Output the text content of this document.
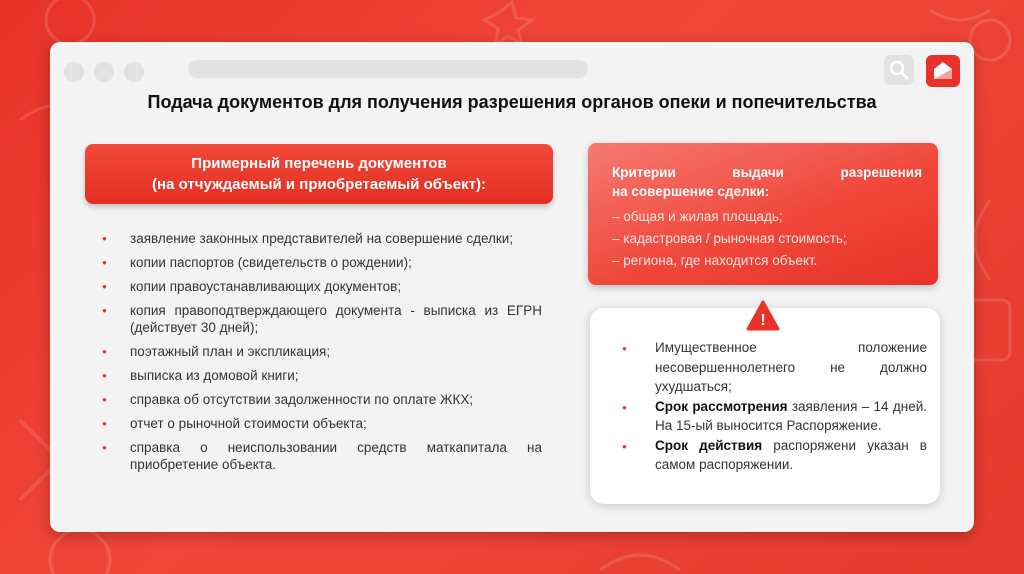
Подача документов для получения разрешения органов опеки и попечительства
Примерный перечень документов
(на отчуждаемый и приобретаемый объект):
● заявление законных представителей на совершение сделки;
● копии паспортов (свидетельств о рождении);
● копии правоустанавливающих документов;
● копия правоподтверждающего документа - выписка из ЕГРН (действует 30 дней);
● поэтажный план и экспликация;
● выписка из домовой книги;
● справка об отсутствии задолженности по оплате ЖКХ;
● отчет о рыночной стоимости объекта;
● справка о неиспользовании средств маткапитала на приобретение объекта.
Критерии	выдачи	разрешения
на совершение сделки:
– общая и жилая площадь;
– кадастровая / рыночная стоимость;
– региона, где находится объект.
● Имущественное положение несовершеннолетнего не должно ухудшаться;
● Срок рассмотрения заявления – 14 дней. На 15-ый выносится Распоряжение.
● Срок действия распоряжени указан в самом распоряжении.
!
